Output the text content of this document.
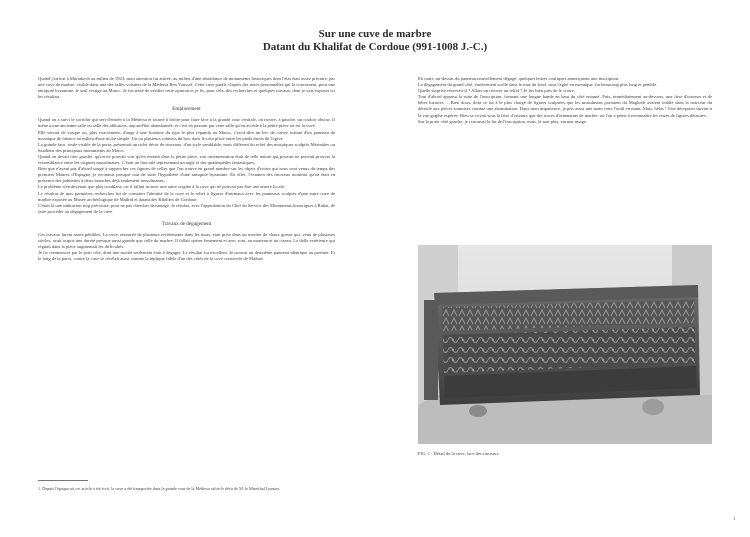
Sur une cuve de marbre
Datant du Khalifat de Cordoue (991-1008 J.-C.)

Quand j'arrivai à Marrakech au milieu de 1923, mon attention fut attirée, au milieu d'une abondance de monuments historiques dont l'état était assez précaire, par une cuve de marbre, visible dans une des salles voisines de la Médersa Ben Youssef. Cette cuve paraît, d'après des notes personnelles qui la concernent, pour une antiquité byzantine, le seul vestige au Maroc. Je fus tenté de vérifier cette opinion et je fis, pour cela, des recherches et quelques travaux, dont je vais exposer ici les résultats.

Emplacement

Quand on a suivi le corridor qui sert d'entrée à la Médersa et tourné à droite pour faire face à la grande cour centrale, on trouve, à gauche, un couloir obscur. Il mène à une ancienne salle ou salle des ablutions, aujourd'hui abandonnée, et c'est en passant par cette salle qu'on accède à la petite pièce où est la cuve.

Elle servait de vasque ou, plus exactement, d'auge à une fontaine du type le plus répandu au Maroc, c'est-à-dire un bec de cuivre sortant d'un panneau de mosaïque de faïence au milieu d'une niche simple. Un ou plusieurs robinets du bas, dans le coin placé entre les pieds droits de l'ogive.

La grande face, seule visible de la porte, présentait un riche décor de rinceaux, d'un style semblable, mais différent du relief des mosaïques sculptés Mérinides ou Saadiens des principaux monuments du Maroc.

Quand on devait tirer gauche, qu'on ne pouvait voir qu'en entrant dans la petite pièce, son ornementation était de telle nature qui pouvait ne pouvait prouver la ressemblance entre les origines musulmanes. C'était un lion ailé représentant un aigle et des quadrupèdes fantastiques.

Bien que n'ayant pas d'abord songé à rapprocher ces figures de celles que l'on trouve en grand nombre sur les objets d'ivoire qui nous sont venus du temps des premiers Maures d'Espagne, je reconnus presque tout de suite l'hypothèse d'une antiquité byzantine. En effet, l'examen des rinceaux montrait qu'on était en présence des palmettes à deux branches déjà seulement musulmanes.

Le problème n'en devenait que plus troublant, car il fallait trouver une autre origine à la cuve qui ne pouvait pas être une œuvre locale.

Le résultat de mes premières recherches fut de constater l'identité de la cuve et le relief à figures d'animaux avec les panneaux sculptés d'une autre cuve de marbre exposée au Musée archéologique de Madrid et datant des Khalifes de Cordoue.

C'était là une indication trop précieuse, pour ne pas chercher davantage. Je résolus, avec l'approbation du Chef du Service des Monuments historiques à Rabat, de faire procéder au dégagement de la cuve.

Travaux de dégagement

Ces travaux furent assez pénibles. La cuve, entourée de plusieurs revêtements dans les murs, était prise dans un mortier de chaux grasse qui, venu de plusieurs siècles, avait acquis une dureté presque aussi grande que celle du marbre. Il fallait opérer lentement et avec soin, au marteau et au ciseau. La dalle extérieure qui régnait dans la pièce augmentait les difficultés.

Je fis commencer par le petit côté, dont une moitié seulement était à dégager. Le résultat fut excellent. Je trouvai un deuxième panneau identique au premier. Et le long de la paroi, contre la cuve se révélait aussi comme la réplique fidèle d'un des côtés de la cuve conservée de Madrid.

1. Depuis l'époque où cet article a été écrit, la cuve a été transportée dans la grande cour de la Médersa selon le désir de M. le Maréchal Lyautey.

En outre, au-dessus du panneau nouvellement dégagé, quelques lettres coufiques annonçaient une inscription.

Le dégagement du grand côté, entièrement scellé dans le mur du fond, sous l'agité en mosaïque, fut beaucoup plus long et pénible.

Quelle surprise réservait-il ? Allais-on trouver un relief ? Je fus bien près de le croire.

Tout d'abord apparut la suite de l'inscription, formant une longue bande en haut du côté entamé. Puis, immédiatement au-dessous, une frise d'oiseaux et de bêtes bizarres ... Bien doux, dont ce fut à le plus chargé de figures sculptées que les musulmans portaient du Maghreb avaient oublié dans la noirceur du déroulé aux pièces soumises comme une abomination. Dans mon impatience, je pris aussi une main cette l'outil en main. Mais, hélas ! Une déception survint à la vue graphe espérée. Bien se voyait sous la frise d'oiseaux que des traces d'ornements de marbre, où l'on a peine à reconnaître les restes de figures détruites.

Sur la porte côté gauche, je retrouvai la fin de l'inscription, mais, là non plus, aucune image.

FIG. 1 : Détail de la cuve, face des rinceaux
1
